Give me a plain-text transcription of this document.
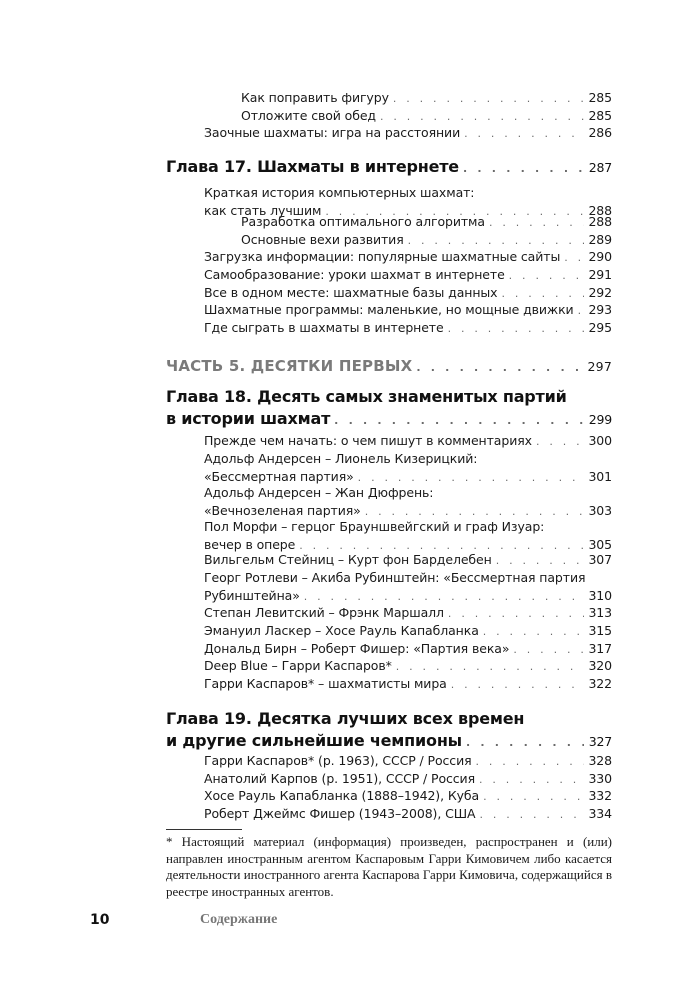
Как поправить фигуру . . .	285
Отложите свой обед . . .	285
Заочные шахматы: игра на расстоянии . . .	286
Глава 17. Шахматы в интернете . . .	287
Краткая история компьютерных шахмат:
как стать лучшим . . .	288
Разработка оптимального алгоритма . . .	288
Основные вехи развития . . .	289
Загрузка информации: популярные шахматные сайты . . . 290
Самообразование: уроки шахмат в интернете . . .	291
Все в одном месте: шахматные базы данных . . .	292
Шахматные программы: маленькие, но мощные движки . . . 293
Где сыграть в шахматы в интернете . . .	295
ЧАСТЬ 5. ДЕСЯТКИ ПЕРВЫХ . . .	297
Глава 18. Десять самых знаменитых партий
в истории шахмат . . .	299
Прежде чем начать: о чем пишут в комментариях . . .	300
Адольф Андерсен – Лионель Кизерицкий:
«Бессмертная партия» . . .	301
Адольф Андерсен – Жан Дюфрень:
«Вечнозеленая партия» . . .	303
Пол Морфи – герцог Брауншвейгский и граф Изуар:
вечер в опере . . .	305
Вильгельм Стейниц – Курт фон Барделебен . . .	307
Георг Ротлеви – Акиба Рубинштейн: «Бессмертная партия
Рубинштейна» . . .	310
Степан Левитский – Фрэнк Маршалл . . .	313
Эмануил Ласкер – Хосе Рауль Капабланка . . .	315
Дональд Бирн – Роберт Фишер: «Партия века» . . .	317
Deep Blue – Гарри Каспаров* . . .	320
Гарри Каспаров* – шахматисты мира . . .	322
Глава 19. Десятка лучших всех времен
и другие сильнейшие чемпионы . . .	327
Гарри Каспаров* (р. 1963), СССР / Россия . . .	328
Анатолий Карпов (р. 1951), СССР / Россия . . .	330
Хосе Рауль Капабланка (1888–1942), Куба . . .	332
Роберт Джеймс Фишер (1943–2008), США . . .	334
* Настоящий материал (информация) произведен, распространен и (или) направлен иностранным агентом Каспаровым Гарри Кимовичем либо касается деятельности иностранного агента Каспарова Гарри Кимовича, содержащийся в реестре иностранных агентов.
10	Содержание
